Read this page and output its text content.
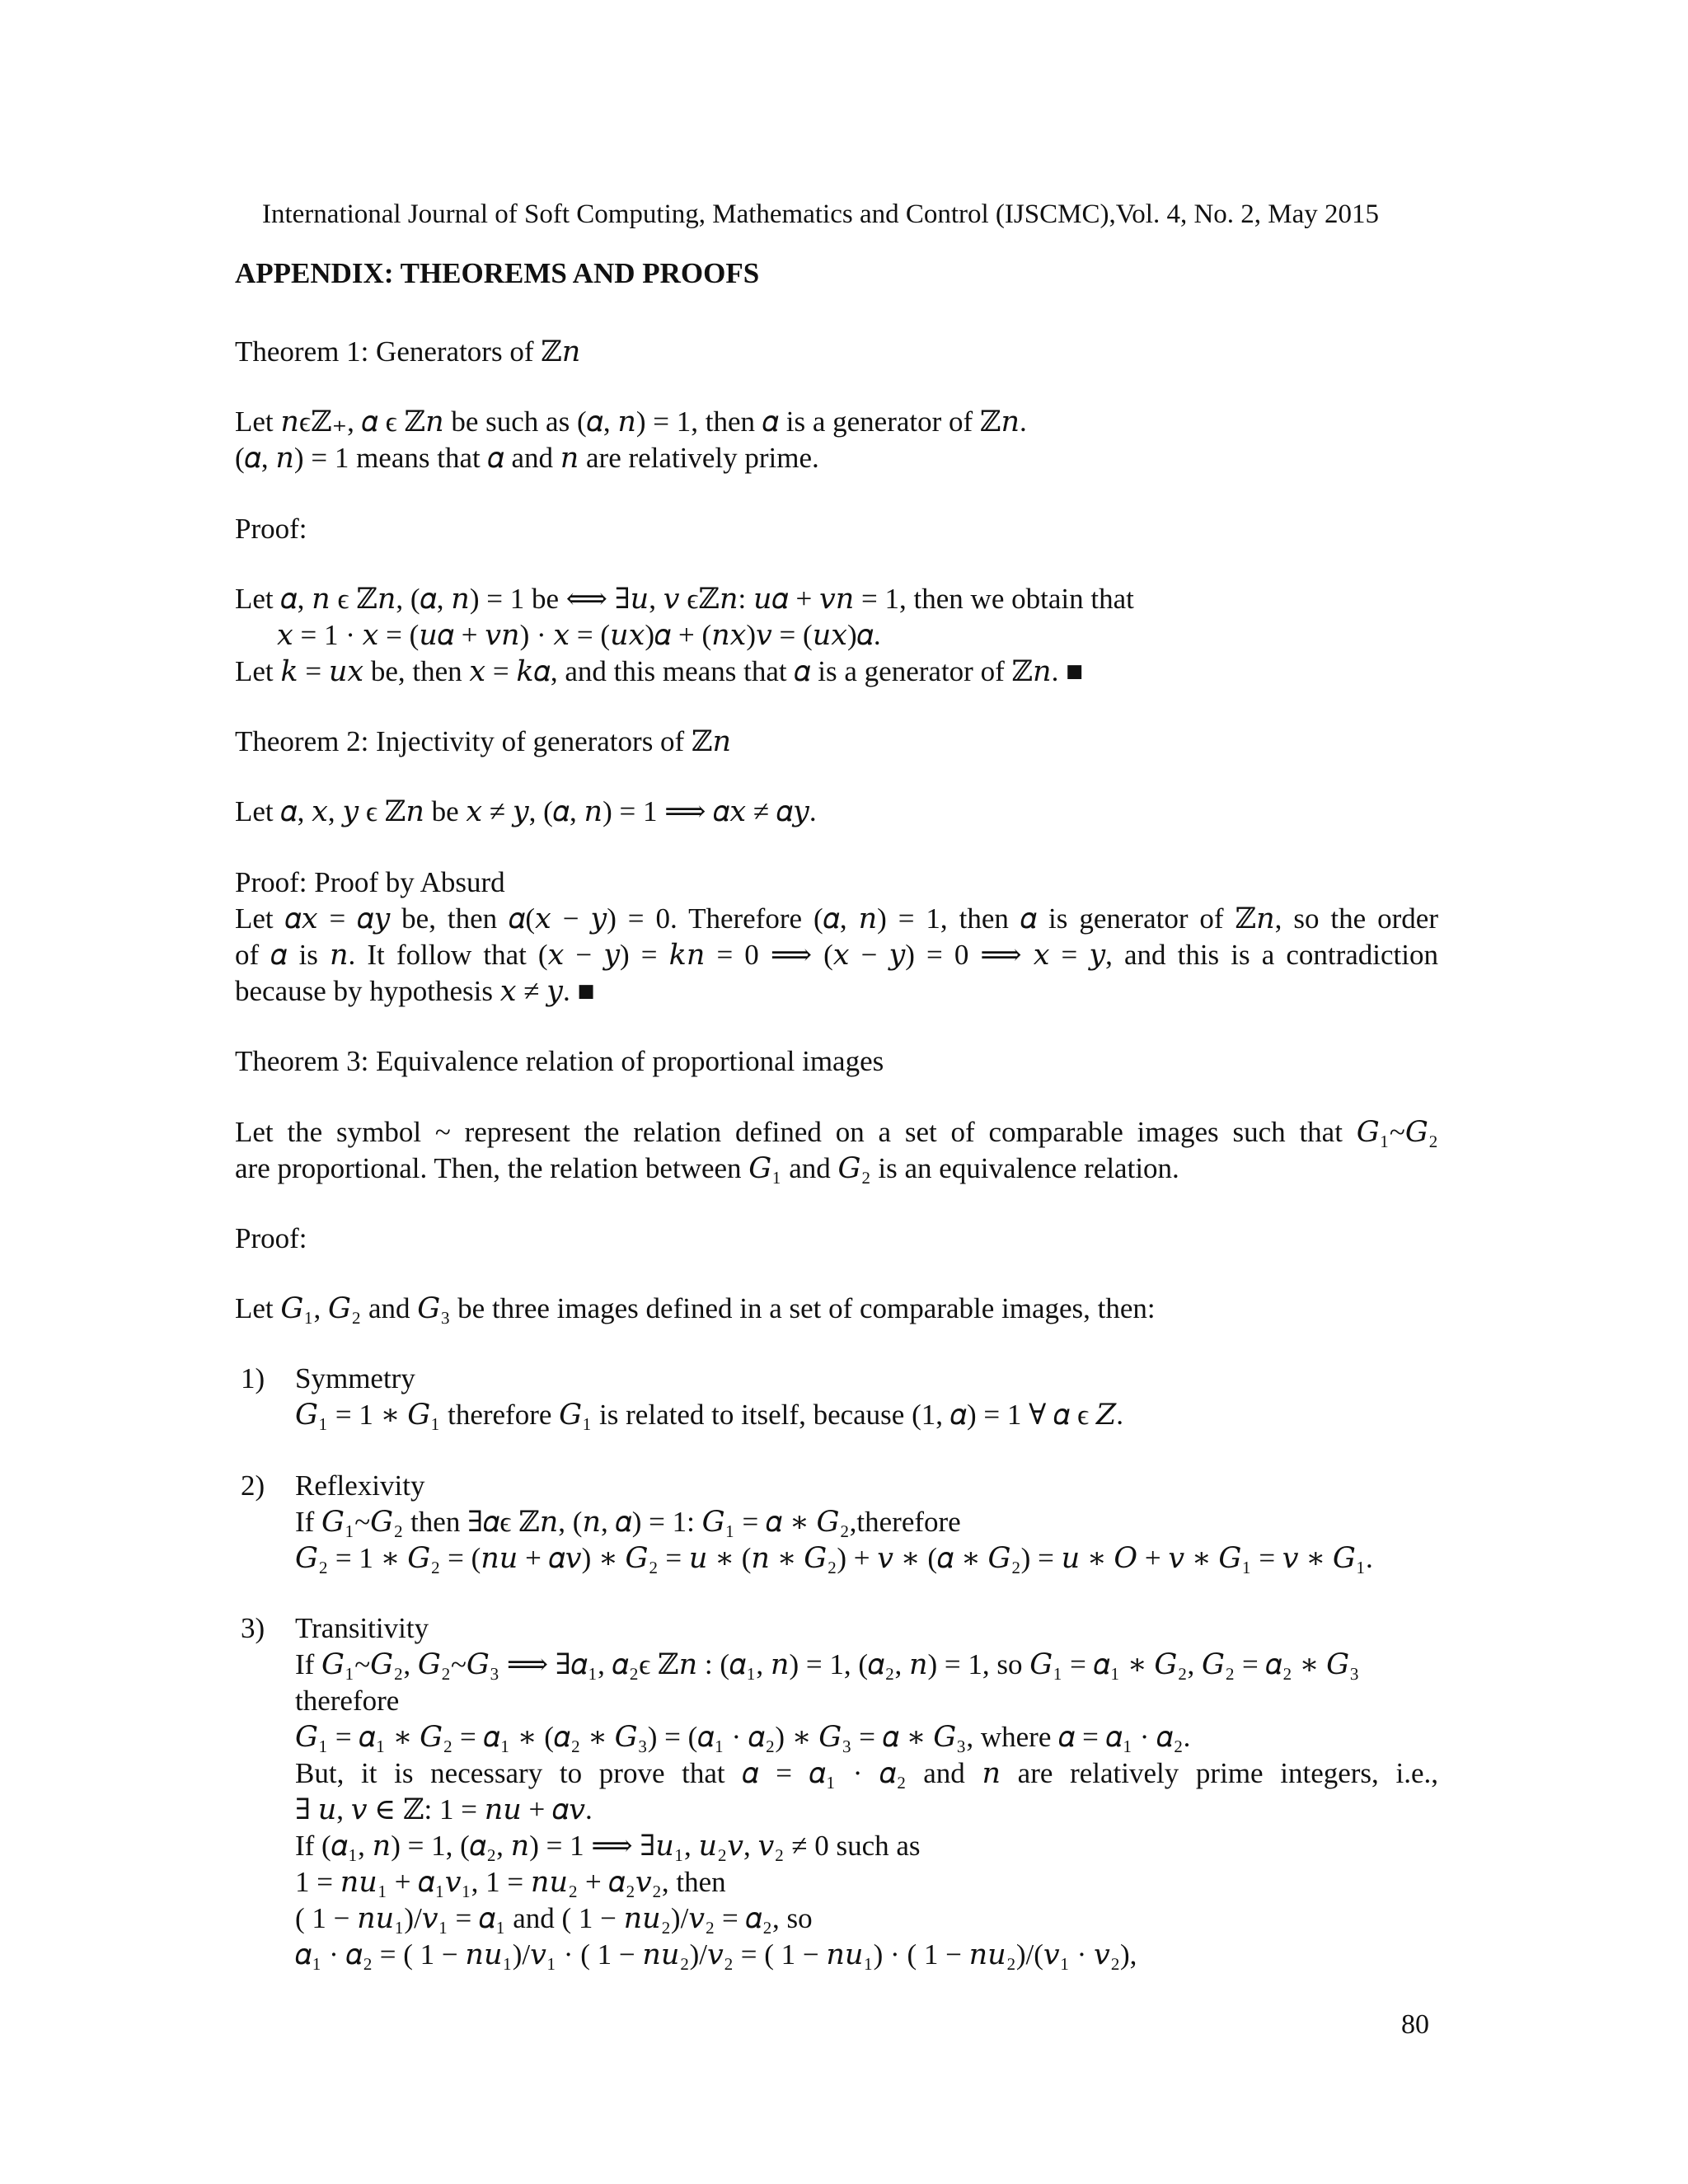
International Journal of Soft Computing, Mathematics and Control (IJSCMC),Vol. 4, No. 2, May 2015
APPENDIX: THEOREMS AND PROOFS
Theorem 1: Generators of ℤ𝑛
Let 𝑛ϵℤ₊, 𝛼 ϵ ℤ𝑛 be such as (𝛼, 𝑛) = 1, then 𝛼 is a generator of ℤ𝑛.
(𝛼, 𝑛) = 1 means that 𝛼 and 𝑛 are relatively prime.
Proof:
Let 𝛼, 𝑛 ϵ ℤ𝑛, (𝛼, 𝑛) = 1 be ⟺ ∃𝑢, 𝑣 ϵℤ𝑛: 𝑢𝛼 + 𝑣𝑛 = 1, then we obtain that
𝑥 = 1 · 𝑥 = (𝑢𝛼 + 𝑣𝑛) · 𝑥 = (𝑢𝑥)𝛼 + (𝑛𝑥)𝑣 = (𝑢𝑥)𝛼.
Let 𝑘 = 𝑢𝑥 be, then 𝑥 = 𝑘𝛼, and this means that 𝛼 is a generator of ℤ𝑛. ■
Theorem 2: Injectivity of generators of ℤ𝑛
Let 𝛼, 𝑥, 𝑦 ϵ ℤ𝑛 be 𝑥 ≠ 𝑦, (𝛼, 𝑛) = 1 ⟹ 𝛼𝑥 ≠ 𝛼𝑦.
Proof: Proof by Absurd
Let 𝛼𝑥 = 𝛼𝑦 be, then 𝛼(𝑥 − 𝑦) = 0. Therefore (𝛼, 𝑛) = 1, then 𝛼 is generator of ℤ𝑛, so the order
of 𝛼 is 𝑛. It follow that (𝑥 − 𝑦) = 𝑘𝑛 = 0 ⟹ (𝑥 − 𝑦) = 0 ⟹ 𝑥 = 𝑦, and this is a contradiction
because by hypothesis 𝑥 ≠ 𝑦. ■
Theorem 3: Equivalence relation of proportional images
Let the symbol ~ represent the relation defined on a set of comparable images such that 𝐺₁~𝐺₂
are proportional. Then, the relation between 𝐺₁ and 𝐺₂ is an equivalence relation.
Proof:
Let 𝐺₁, 𝐺₂ and 𝐺₃ be three images defined in a set of comparable images, then:
1) Symmetry
𝐺₁ = 1 ∗ 𝐺₁ therefore 𝐺₁ is related to itself, because (1, 𝛼) = 1 ∀ 𝛼 ϵ 𝑍.
2) Reflexivity
If 𝐺₁~𝐺₂ then ∃𝛼ϵ ℤ𝑛, (𝑛, 𝛼) = 1: 𝐺₁ = 𝛼 ∗ 𝐺₂,therefore
𝐺₂ = 1 ∗ 𝐺₂ = (𝑛𝑢 + 𝛼𝑣) ∗ 𝐺₂ = 𝑢 ∗ (𝑛 ∗ 𝐺₂) + 𝑣 ∗ (𝛼 ∗ 𝐺₂) = 𝑢 ∗ 𝑂 + 𝑣 ∗ 𝐺₁ = 𝑣 ∗ 𝐺₁.
3) Transitivity
If 𝐺₁~𝐺₂, 𝐺₂~𝐺₃ ⟹ ∃𝛼₁, 𝛼₂ϵ ℤ𝑛 : (𝛼₁, 𝑛) = 1, (𝛼₂, 𝑛) = 1, so 𝐺₁ = 𝛼₁ ∗ 𝐺₂, 𝐺₂ = 𝛼₂ ∗ 𝐺₃
therefore
𝐺₁ = 𝛼₁ ∗ 𝐺₂ = 𝛼₁ ∗ (𝛼₂ ∗ 𝐺₃) = (𝛼₁ · 𝛼₂) ∗ 𝐺₃ = 𝛼 ∗ 𝐺₃, where 𝛼 = 𝛼₁ · 𝛼₂.
But, it is necessary to prove that 𝛼 = 𝛼₁ · 𝛼₂ and 𝑛 are relatively prime integers, i.e.,
∃ 𝑢, 𝑣 ∈ ℤ: 1 = 𝑛𝑢 + 𝛼𝑣.
If (𝛼₁, 𝑛) = 1, (𝛼₂, 𝑛) = 1 ⟹ ∃𝑢₁, 𝑢₂𝑣, 𝑣₂ ≠ 0 such as
1 = 𝑛𝑢₁ + 𝛼₁𝑣₁, 1 = 𝑛𝑢₂ + 𝛼₂𝑣₂, then
( 1 − 𝑛𝑢₁)/𝑣₁ = 𝛼₁ and ( 1 − 𝑛𝑢₂)/𝑣₂ = 𝛼₂, so
𝛼₁ · 𝛼₂ = ( 1 − 𝑛𝑢₁)/𝑣₁ · ( 1 − 𝑛𝑢₂)/𝑣₂ = ( 1 − 𝑛𝑢₁) · ( 1 − 𝑛𝑢₂)/(𝑣₁ · 𝑣₂),
80
